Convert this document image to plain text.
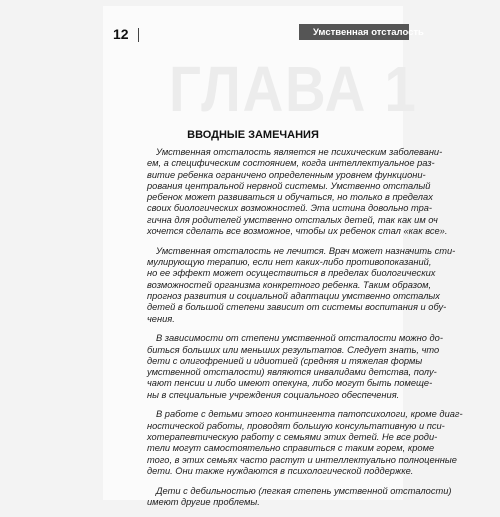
12	Умственная отсталость
ГЛАВА 1
ВВОДНЫЕ ЗАМЕЧАНИЯ

Умственная отсталость является не психическим заболевани-
ем, а специфическим состоянием, когда интеллектуальное раз-
витие ребенка ограничено определенным уровнем функциони-
рования центральной нервной системы. Умственно отсталый
ребенок может развиваться и обучаться, но только в пределах
своих биологических возможностей. Эта истина довольно тра-
гична для родителей умственно отсталых детей, так как им оч
хочется сделать все возможное, чтобы их ребенок стал «как все».

Умственная отсталость не лечится. Врач может назначить сти-
мулирующую терапию, если нет каких-либо противопоказаний,
но ее эффект может осуществиться в пределах биологических
возможностей организма конкретного ребенка. Таким образом,
прогноз развития и социальной адаптации умственно отсталых
детей в большой степени зависит от системы воспитания и обу-
чения.

В зависимости от степени умственной отсталости можно до-
биться больших или меньших результатов. Следует знать, что
дети с олигофренией и идиотией (средняя и тяжелая формы
умственной отсталости) являются инвалидами детства, полу-
чают пенсии и либо имеют опекуна, либо могут быть помеще-
ны в специальные учреждения социального обеспечения.

В работе с детьми этого контингента патопсихологи, кроме диаг-
ностической работы, проводят большую консультативную и пси-
хотерапевтическую работу с семьями этих детей. Не все роди-
тели могут самостоятельно справиться с таким горем, кроме
того, в этих семьях часто растут и интеллектуально полноценные
дети. Они также нуждаются в психологической поддержке.

Дети с дебильностью (легкая степень умственной отсталости)
имеют другие проблемы.
